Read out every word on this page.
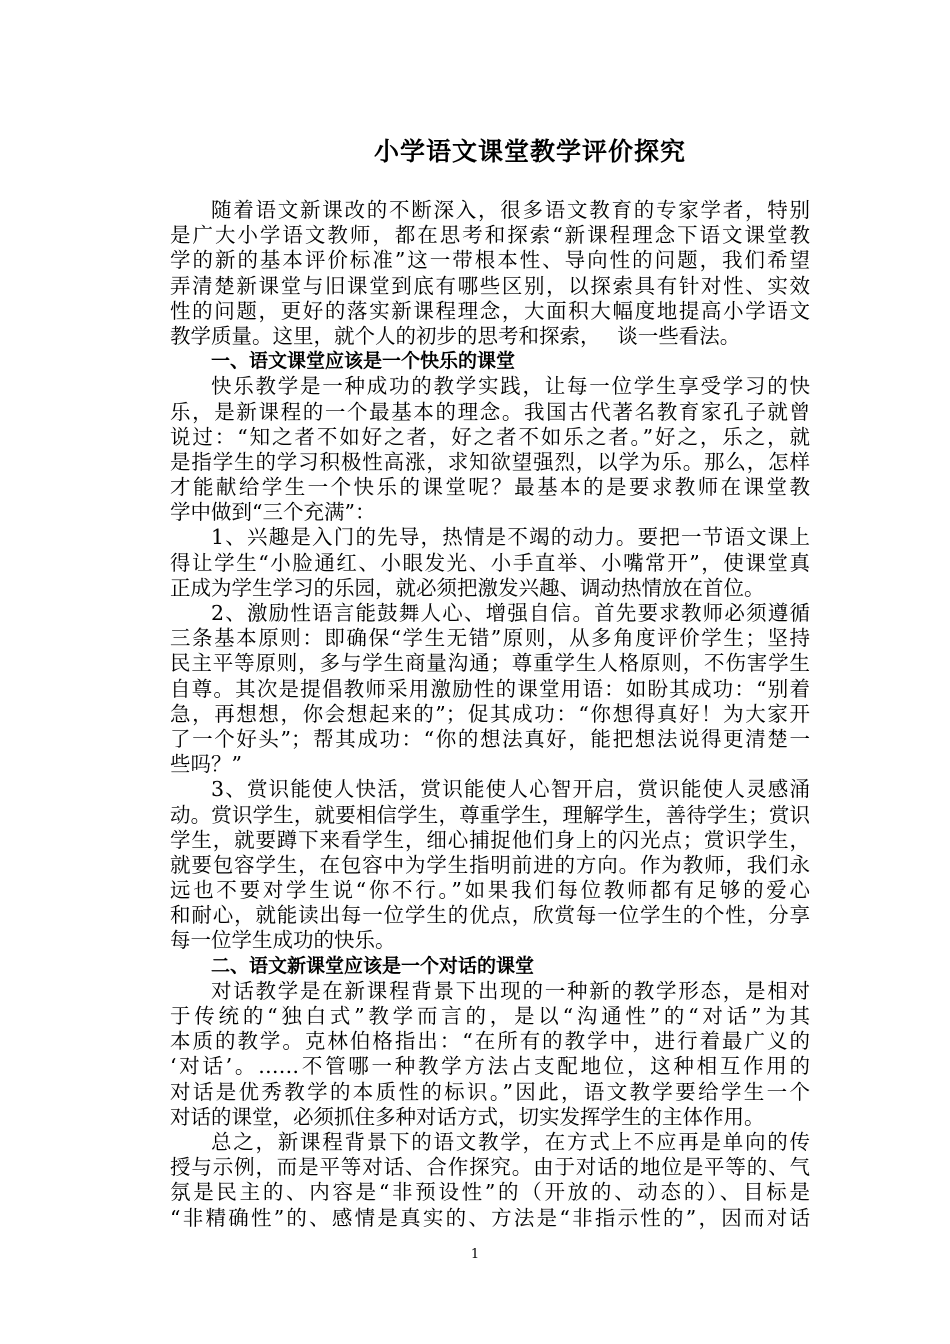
小学语文课堂教学评价探究
随着语文新课改的不断深入，很多语文教育的专家学者，特别
是广大小学语文教师，都在思考和探索“新课程理念下语文课堂教
学的新的基本评价标准”这一带根本性、导向性的问题，我们希望
弄清楚新课堂与旧课堂到底有哪些区别，以探索具有针对性、实效
性的问题，更好的落实新课程理念，大面积大幅度地提高小学语文
教学质量。这里，就个人的初步的思考和探索，　 谈一些看法。
一、语文课堂应该是一个快乐的课堂
快乐教学是一种成功的教学实践，让每一位学生享受学习的快
乐，是新课程的一个最基本的理念。我国古代著名教育家孔子就曾
说过：“知之者不如好之者，好之者不如乐之者。”好之，乐之，就
是指学生的学习积极性高涨，求知欲望强烈，以学为乐。那么，怎样
才能献给学生一个快乐的课堂呢？最基本的是要求教师在课堂教
学中做到“三个充满”：
1、兴趣是入门的先导，热情是不竭的动力。要把一节语文课上
得让学生“小脸通红、小眼发光、小手直举、小嘴常开”，使课堂真
正成为学生学习的乐园，就必须把激发兴趣、调动热情放在首位。
2、激励性语言能鼓舞人心、增强自信。首先要求教师必须遵循
三条基本原则：即确保“学生无错”原则，从多角度评价学生；坚持
民主平等原则，多与学生商量沟通；尊重学生人格原则，不伤害学生
自尊。其次是提倡教师采用激励性的课堂用语：如盼其成功：“别着
急，再想想，你会想起来的”；促其成功：“你想得真好！为大家开
了一个好头”；帮其成功：“你的想法真好，能把想法说得更清楚一
些吗？”
3、赏识能使人快活，赏识能使人心智开启，赏识能使人灵感涌
动。赏识学生，就要相信学生，尊重学生，理解学生，善待学生；赏识
学生，就要蹲下来看学生，细心捕捉他们身上的闪光点；赏识学生，
就要包容学生，在包容中为学生指明前进的方向。作为教师，我们永
远也不要对学生说“你不行。”如果我们每位教师都有足够的爱心
和耐心，就能读出每一位学生的优点，欣赏每一位学生的个性，分享
每一位学生成功的快乐。
二、语文新课堂应该是一个对话的课堂
对话教学是在新课程背景下出现的一种新的教学形态，是相对
于传统的“独白式”教学而言的，是以“沟通性”的“对话”为其
本质的教学。克林伯格指出：“在所有的教学中，进行着最广义的
‘对话’。……不管哪一种教学方法占支配地位，这种相互作用的
对话是优秀教学的本质性的标识。”因此，语文教学要给学生一个
对话的课堂，必须抓住多种对话方式，切实发挥学生的主体作用。
总之，新课程背景下的语文教学，在方式上不应再是单向的传
授与示例，而是平等对话、合作探究。由于对话的地位是平等的、气
氛是民主的、内容是“非预设性”的（开放的、动态的）、目标是
“非精确性”的、感情是真实的、方法是“非指示性的”，因而对话
1
